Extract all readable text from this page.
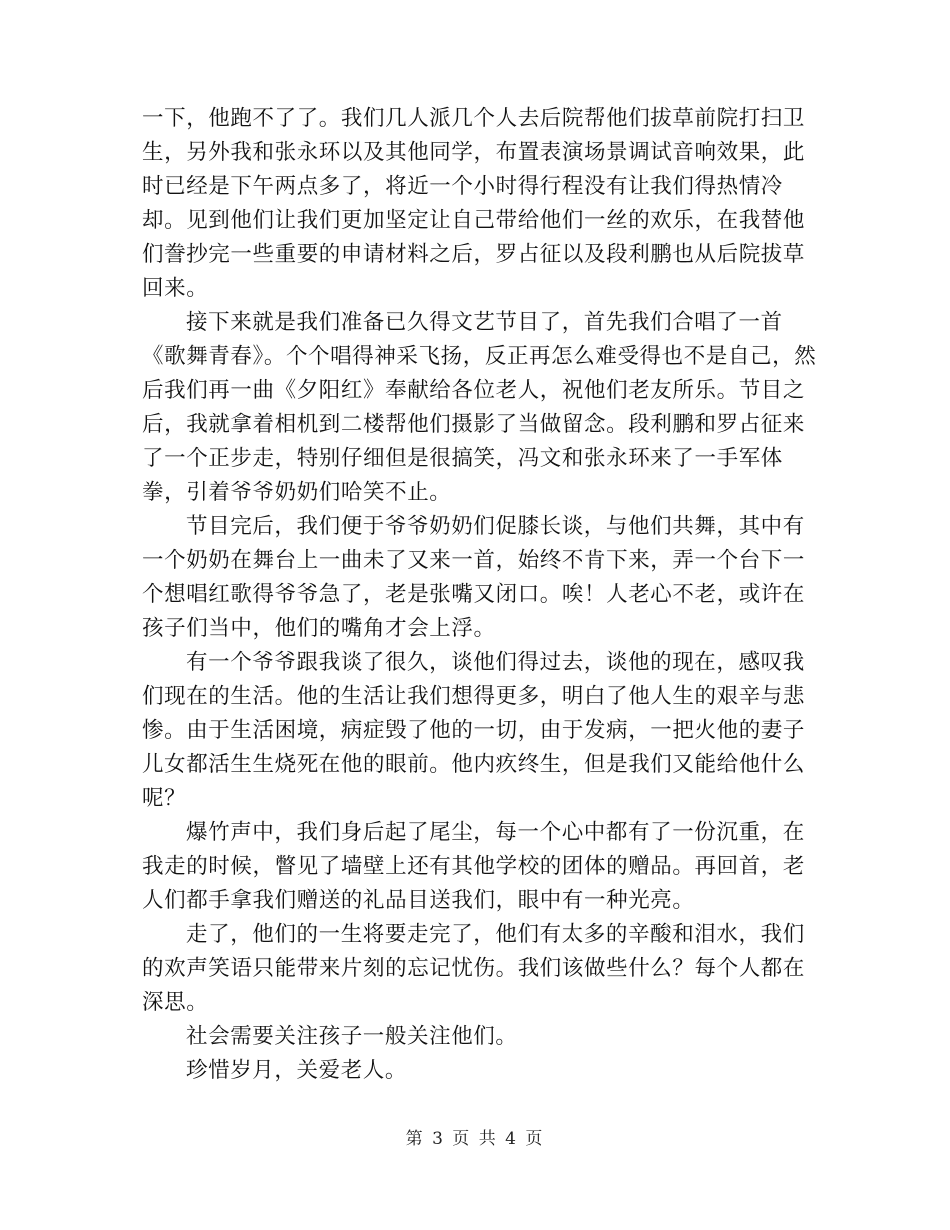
一下，他跑不了了。我们几人派几个人去后院帮他们拔草前院打扫卫生，另外我和张永环以及其他同学，布置表演场景调试音响效果，此时已经是下午两点多了，将近一个小时得行程没有让我们得热情冷却。见到他们让我们更加坚定让自己带给他们一丝的欢乐，在我替他们誊抄完一些重要的申请材料之后，罗占征以及段利鹏也从后院拔草回来。

接下来就是我们准备已久得文艺节目了，首先我们合唱了一首《歌舞青春》。个个唱得神采飞扬，反正再怎么难受得也不是自己，然后我们再一曲《夕阳红》奉献给各位老人，祝他们老友所乐。节目之后，我就拿着相机到二楼帮他们摄影了当做留念。段利鹏和罗占征来了一个正步走，特别仔细但是很搞笑，冯文和张永环来了一手军体拳，引着爷爷奶奶们哈笑不止。

节目完后，我们便于爷爷奶奶们促膝长谈，与他们共舞，其中有一个奶奶在舞台上一曲未了又来一首，始终不肯下来，弄一个台下一个想唱红歌得爷爷急了，老是张嘴又闭口。唉！人老心不老，或许在孩子们当中，他们的嘴角才会上浮。

有一个爷爷跟我谈了很久，谈他们得过去，谈他的现在，感叹我们现在的生活。他的生活让我们想得更多，明白了他人生的艰辛与悲惨。由于生活困境，病症毁了他的一切，由于发病，一把火他的妻子儿女都活生生烧死在他的眼前。他内疚终生，但是我们又能给他什么呢？

爆竹声中，我们身后起了尾尘，每一个心中都有了一份沉重，在我走的时候，瞥见了墙壁上还有其他学校的团体的赠品。再回首，老人们都手拿我们赠送的礼品目送我们，眼中有一种光亮。

走了，他们的一生将要走完了，他们有太多的辛酸和泪水，我们的欢声笑语只能带来片刻的忘记忧伤。我们该做些什么？每个人都在深思。

社会需要关注孩子一般关注他们。

珍惜岁月，关爱老人。

第 3 页 共 4 页
